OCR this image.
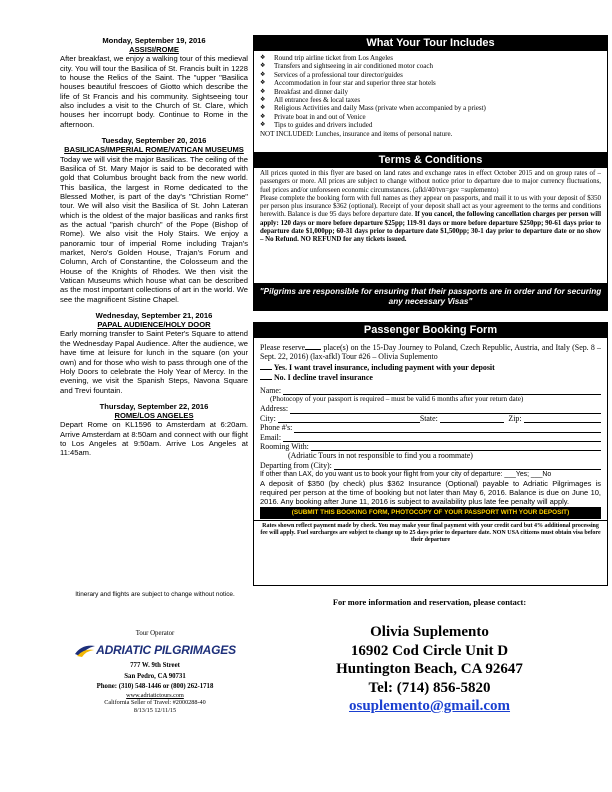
Monday, September 19, 2016
ASSISI/ROME

After breakfast, we enjoy a walking tour of this medieval city. You will tour the Basilica of St. Francis built in 1228 to house the Relics of the Saint. The "upper "Basilica houses beautiful frescoes of Giotto which describe the life of St Francis and his community. Sightseeing tour also includes a visit to the Church of St. Clare, which houses her incorrupt body. Continue to Rome in the afternoon.

Tuesday, September 20, 2016
BASILICAS/IMPERIAL ROME/VATICAN MUSEUMS

Today we will visit the major Basilicas. The ceiling of the Basilica of St. Mary Major is said to be decorated with gold that Columbus brought back from the new world. This basilica, the largest in Rome dedicated to the Blessed Mother, is part of the day's "Christian Rome" tour. We will also visit the Basilica of St. John Lateran which is the oldest of the major basilicas and ranks first as the actual "parish church" of the Pope (Bishop of Rome). We also visit the Holy Stairs. We enjoy a panoramic tour of imperial Rome including Trajan's market, Nero's Golden House, Trajan's Forum and Column, Arch of Constantine, the Colosseum and the House of the Knights of Rhodes. We then visit the Vatican Museums which house what can be described as the most important collections of art in the world. We see the magnificent Sistine Chapel.

Wednesday, September 21, 2016
PAPAL AUDIENCE/HOLY DOOR

Early morning transfer to Saint Peter's Square to attend the Wednesday Papal Audience. After the audience, we have time at leisure for lunch in the square (on your own) and for those who wish to pass through one of the Holy Doors to celebrate the Holy Year of Mercy. In the evening, we visit the Spanish Steps, Navona Square and Trevi fountain.

Thursday, September 22, 2016
ROME/LOS ANGELES

Depart Rome on KL1596 to Amsterdam at 6:20am. Arrive Amsterdam at 8:50am and connect with our flight to Los Angeles at 9:50am. Arrive Los Angeles at 11:45am.

Itinerary and flights are subject to change without notice.
Tour Operator
ADRIATIC PILGRIMAGES
777 W. 9th Street
San Pedro, CA 90731
Phone: (310) 548-1446 or (800) 262-1718
www.adriatictours.com
California Seller of Travel: #2000288-40
8/13/15 12/11/15
What Your Tour Includes
❖	Round trip airline ticket from Los Angeles
❖	Transfers and sightseeing in air conditioned motor coach
❖	Services of a professional tour director/guides
❖	Accommodation in four star and superior three star hotels
❖	Breakfast and dinner daily
❖	All entrance fees & local taxes
❖	Religious Activities and daily Mass (private when accompanied by a priest)
❖	Private boat in and out of Venice
❖	Tips to guides and drivers included
NOT INCLUDED: Lunches, insurance and items of personal nature.
Terms & Conditions
All prices quoted in this flyer are based on land rates and exchange rates in effect October 2015 and on group rates of – passengers or more. All prices are subject to change without notice prior to departure due to major currency fluctuations, fuel prices and/or unforeseen economic circumstances. (afkl/40/tvn=gsv =suplemento)
Please complete the booking form with full names as they appear on passports, and mail it to us with your deposit of $350 per person plus insurance $362 (optional). Receipt of your deposit shall act as your agreement to the terms and conditions herewith. Balance is due 95 days before departure date. If you cancel, the following cancellation charges per person will apply: 120 days or more before departure $25pp; 119-91 days or more before departure $250pp; 90-61 days prior to departure date $1,000pp; 60-31 days prior to departure date $1,500pp; 30-1 day prior to departure date or no show – No Refund. NO REFUND for any tickets issued.
"Pilgrims are responsible for ensuring that their passports are in order and for securing any necessary Visas"
Passenger Booking Form
Please reserve place(s) on the 15-Day Journey to Poland, Czech Republic, Austria, and Italy (Sep. 8 – Sept. 22, 2016) (lax-afkl) Tour #26 – Olivia Suplemento
Yes. I want travel insurance, including payment with your deposit
No. I decline travel insurance
Name:
(Photocopy of your passport is required – must be valid 6 months after your return date)
Address:
City:	State:	Zip:
Phone #'s:
Email:
Rooming With:
(Adriatic Tours in not responsible to find you a roommate)
Departing from (City):
If other than LAX, do you want us to book your flight from your city of departure: ___Yes; ___No
A deposit of $350 (by check) plus $362 Insurance (Optional) payable to Adriatic Pilgrimages is required per person at the time of booking but not later than May 6, 2016. Balance is due on June 10, 2016. Any booking after June 11, 2016 is subject to availability plus late fee penalty will apply.
(SUBMIT THIS BOOKING FORM, PHOTOCOPY OF YOUR PASSPORT WITH YOUR DEPOSIT)
Rates shown reflect payment made by check. You may make your final payment with your credit card but 4% additional processing fee will apply. Fuel surcharges are subject to change up to 25 days prior to departure date. NON USA citizens must obtain visa before their departure
For more information and reservation, please contact:
Olivia Suplemento
16902 Cod Circle Unit D
Huntington Beach, CA 92647
Tel: (714) 856-5820
osuplemento@gmail.com
